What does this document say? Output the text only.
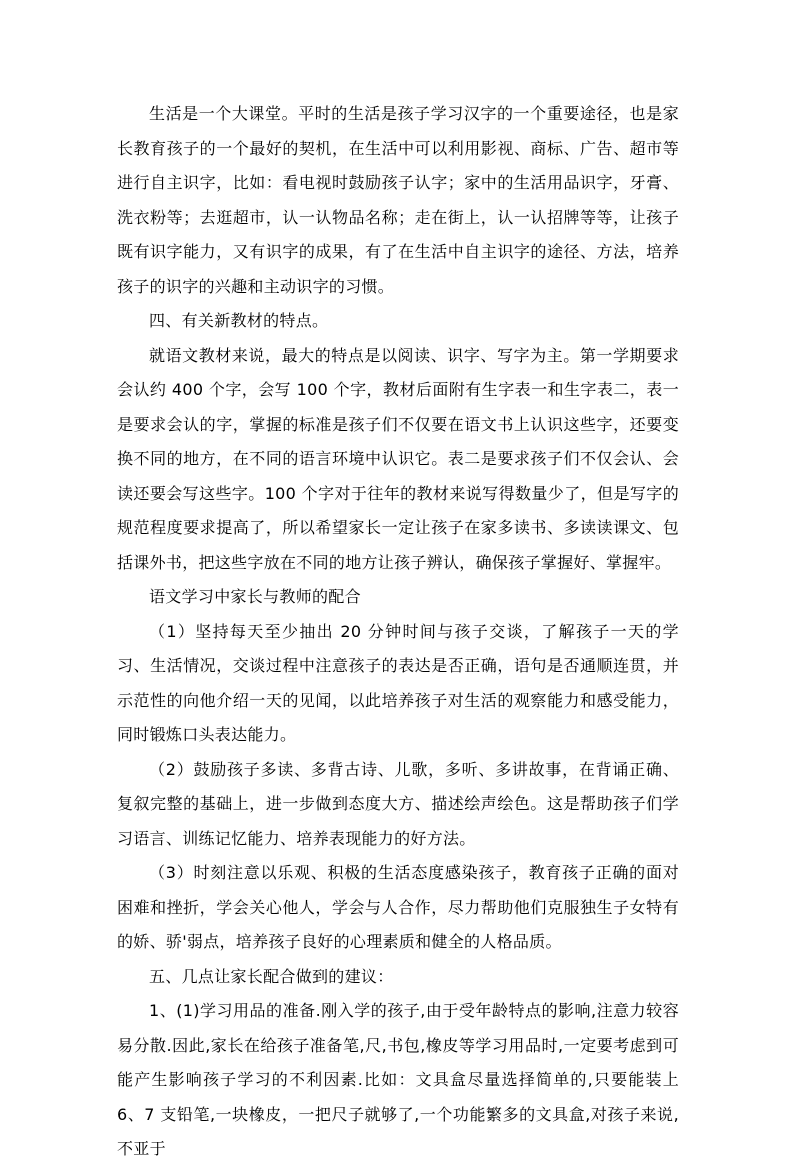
生活是一个大课堂。平时的生活是孩子学习汉字的一个重要途径，也是家长教育孩子的一个最好的契机，在生活中可以利用影视、商标、广告、超市等进行自主识字，比如：看电视时鼓励孩子认字；家中的生活用品识字，牙膏、洗衣粉等；去逛超市，认一认物品名称；走在街上，认一认招牌等等，让孩子既有识字能力，又有识字的成果，有了在生活中自主识字的途径、方法，培养孩子的识字的兴趣和主动识字的习惯。

四、有关新教材的特点。

就语文教材来说，最大的特点是以阅读、识字、写字为主。第一学期要求会认约 400 个字，会写 100 个字，教材后面附有生字表一和生字表二，表一是要求会认的字，掌握的标准是孩子们不仅要在语文书上认识这些字，还要变换不同的地方，在不同的语言环境中认识它。表二是要求孩子们不仅会认、会读还要会写这些字。100 个字对于往年的教材来说写得数量少了，但是写字的规范程度要求提高了，所以希望家长一定让孩子在家多读书、多读读课文、包括课外书，把这些字放在不同的地方让孩子辨认，确保孩子掌握好、掌握牢。

语文学习中家长与教师的配合

（1）坚持每天至少抽出 20 分钟时间与孩子交谈，了解孩子一天的学习、生活情况，交谈过程中注意孩子的表达是否正确，语句是否通顺连贯，并示范性的向他介绍一天的见闻，以此培养孩子对生活的观察能力和感受能力，同时锻炼口头表达能力。

（2）鼓励孩子多读、多背古诗、儿歌，多听、多讲故事，在背诵正确、复叙完整的基础上，进一步做到态度大方、描述绘声绘色。这是帮助孩子们学习语言、训练记忆能力、培养表现能力的好方法。

（3）时刻注意以乐观、积极的生活态度感染孩子，教育孩子正确的面对困难和挫折，学会关心他人，学会与人合作，尽力帮助他们克服独生子女特有的娇、骄'弱点，培养孩子良好的心理素质和健全的人格品质。

五、几点让家长配合做到的建议：

1、(1)学习用品的准备.刚入学的孩子,由于受年龄特点的影响,注意力较容易分散.因此,家长在给孩子准备笔,尺,书包,橡皮等学习用品时,一定要考虑到可能产生影响孩子学习的不利因素.比如：文具盒尽量选择简单的,只要能装上 6、7 支铅笔,一块橡皮，一把尺子就够了,一个功能繁多的文具盒,对孩子来说,不亚于
